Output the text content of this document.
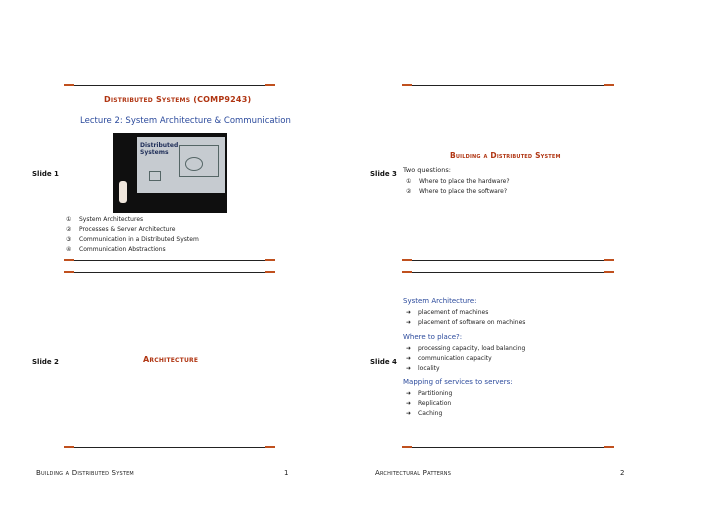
Distributed Systems (COMP9243)
Lecture 2: System Architecture & Communication
Distributed
Systems
Slide 1
①	System Architectures
②	Processes & Server Architecture
③	Communication in a Distributed System
④	Communication Abstractions
Building a Distributed System
Slide 3 Two questions:
①	Where to place the hardware?
②	Where to place the software?
Slide 2	Architecture	Slide 4
System Architecture:
➜	placement of machines
➜	placement of software on machines
Where to place?:
➜	processing capacity, load balancing
➜	communication capacity
➜	locality
Mapping of services to servers:
➜	Partitioning
➜	Replication
➜	Caching
Building a Distributed System	1	Architectural Patterns	2
